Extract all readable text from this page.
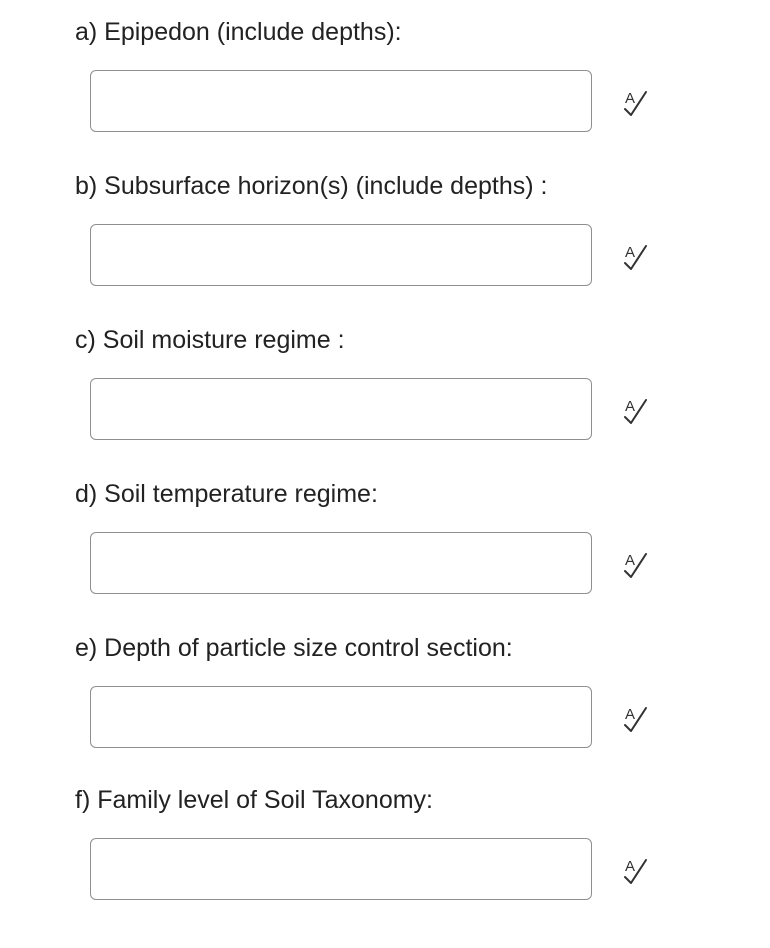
a) Epipedon (include depths):
A
b) Subsurface horizon(s) (include depths) :
A
c) Soil moisture regime :
A
d) Soil temperature regime:
A
e) Depth of particle size control section:
A
f) Family level of Soil Taxonomy:
A
